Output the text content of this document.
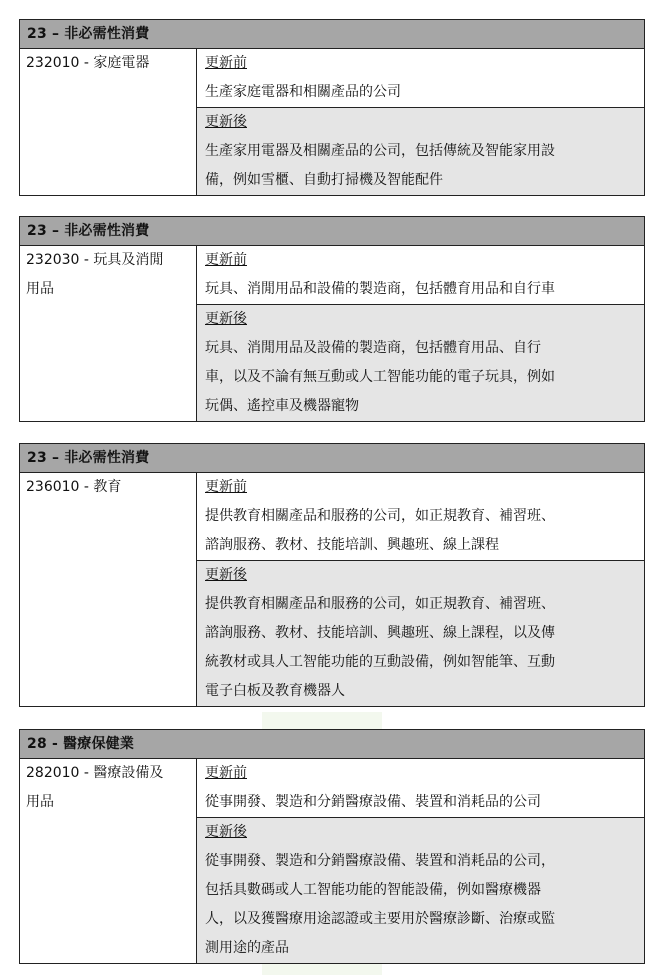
23 – 非必需性消費
232010 - 家庭電器	更新前
生產家庭電器和相關產品的公司
更新後
生產家用電器及相關產品的公司，包括傳統及智能家用設
備，例如雪櫃、自動打掃機及智能配件
23 – 非必需性消費
232030 - 玩具及消閒
用品
更新前
玩具、消閒用品和設備的製造商，包括體育用品和自行車
更新後
玩具、消閒用品及設備的製造商，包括體育用品、自行
車，以及不論有無互動或人工智能功能的電子玩具，例如
玩偶、遙控車及機器寵物
23 – 非必需性消費
236010 - 教育	更新前
提供教育相關產品和服務的公司，如正規教育、補習班、
諮詢服務、教材、技能培訓、興趣班、線上課程
更新後
提供教育相關產品和服務的公司，如正規教育、補習班、
諮詢服務、教材、技能培訓、興趣班、線上課程，以及傳
統教材或具人工智能功能的互動設備，例如智能筆、互動
電子白板及教育機器人
28 - 醫療保健業
282010 - 醫療設備及
用品
更新前
從事開發、製造和分銷醫療設備、裝置和消耗品的公司
更新後
從事開發、製造和分銷醫療設備、裝置和消耗品的公司，
包括具數碼或人工智能功能的智能設備，例如醫療機器
人，以及獲醫療用途認證或主要用於醫療診斷、治療或監
測用途的產品
